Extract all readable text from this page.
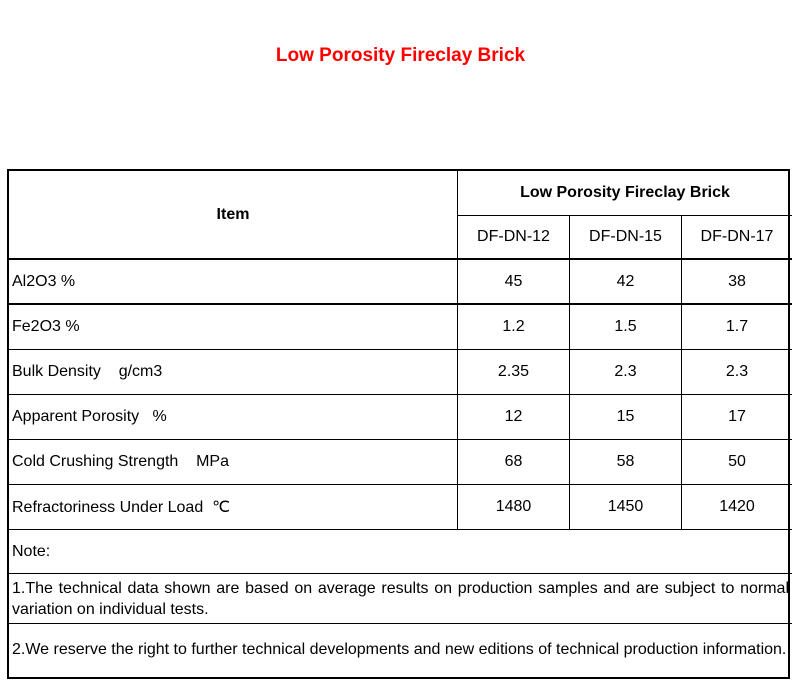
Low Porosity Fireclay Brick
Item
Low Porosity Fireclay Brick
DF-DN-12	DF-DN-15	DF-DN-17
Al2O3 %	45	42	38
Fe2O3 %	1.2	1.5	1.7
Bulk Density    g/cm3	2.35	2.3	2.3
Apparent Porosity   %	12	15	17
Cold Crushing Strength    MPa	68	58	50
Refractoriness Under Load  ℃	1480	1450	1420
Note:
1.The technical data shown are based on average results on production samples and are subject to normal variation on individual tests.
2.We reserve the right to further technical developments and new editions of technical production information.
